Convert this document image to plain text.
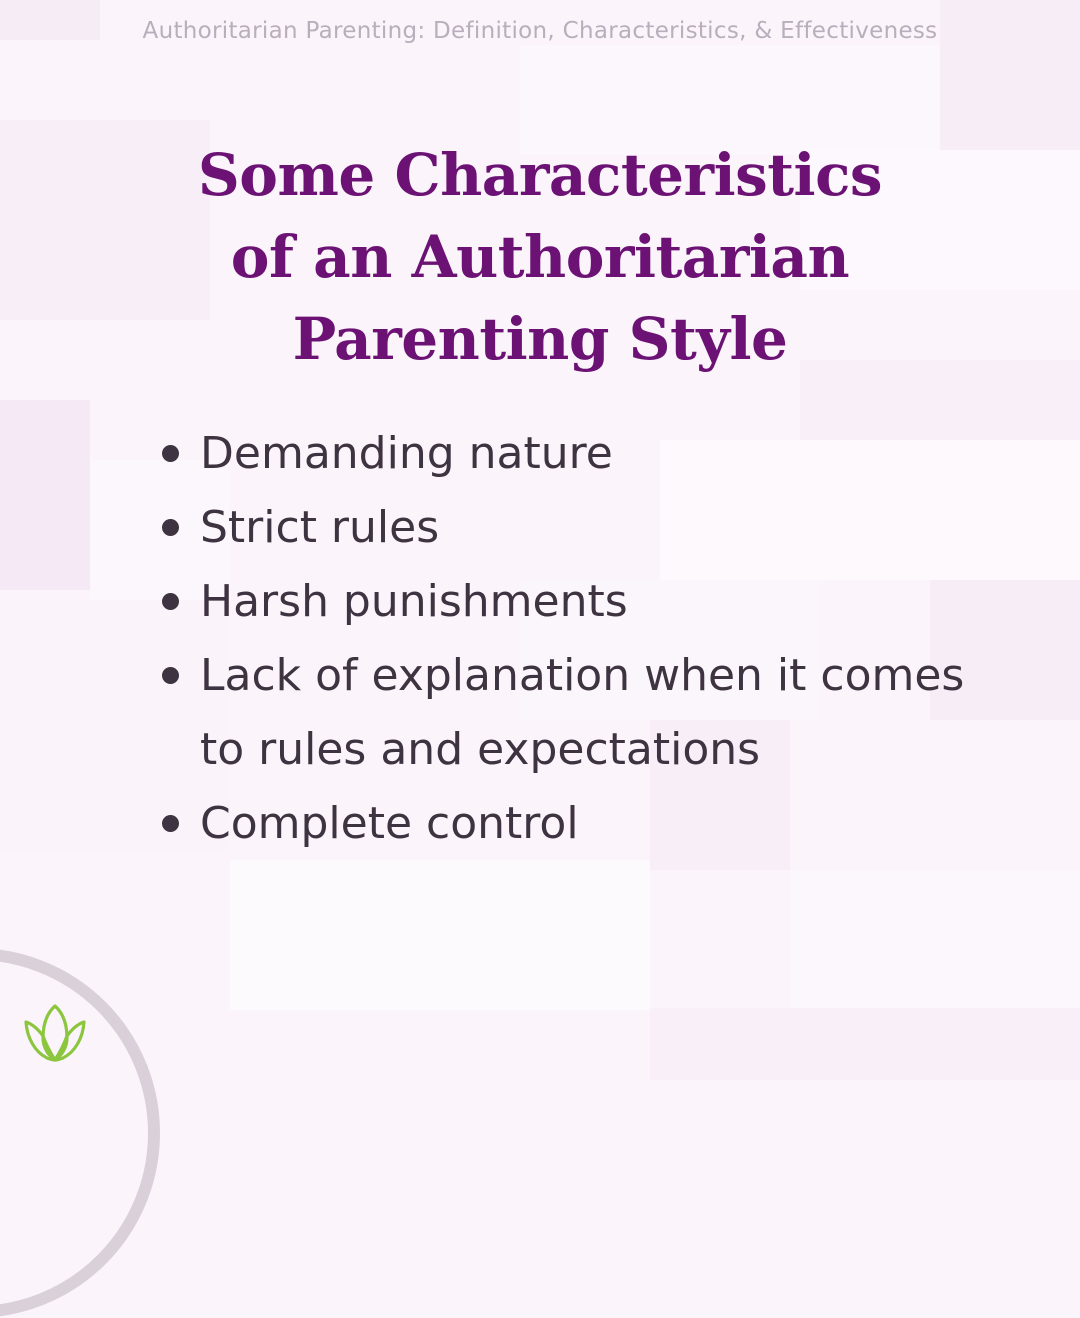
Authoritarian Parenting: Definition, Characteristics, & Effectiveness
Some Characteristics
of an Authoritarian
Parenting Style
Demanding nature
Strict rules
Harsh punishments
Lack of explanation when it comes to rules and expectations
Complete control
